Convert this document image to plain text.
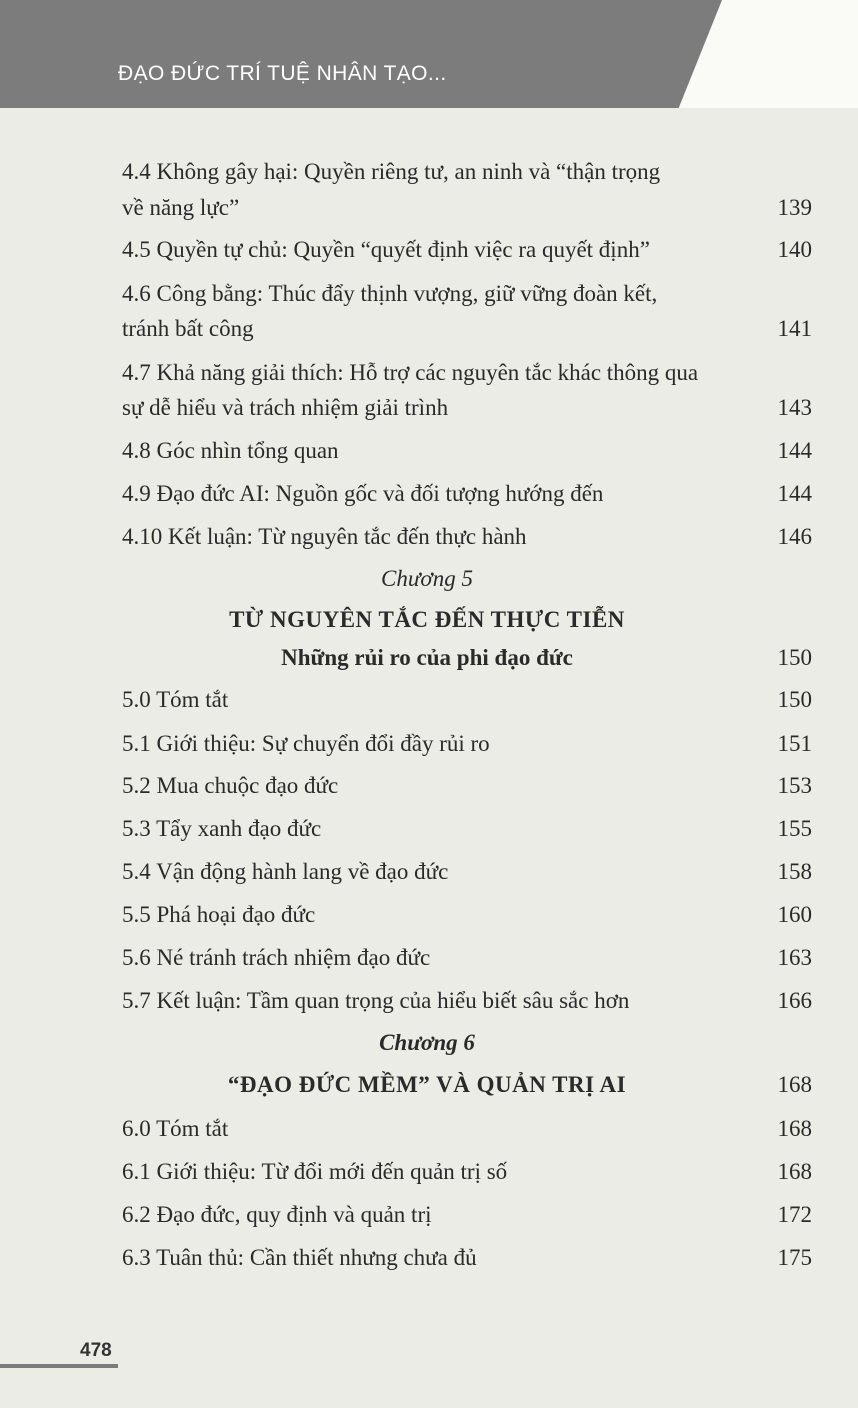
ĐẠO ĐỨC TRÍ TUỆ NHÂN TẠO...
4.4 Không gây hại: Quyền riêng tư, an ninh và “thận trọng
về năng lực”	139
4.5 Quyền tự chủ: Quyền “quyết định việc ra quyết định”	140
4.6 Công bằng: Thúc đẩy thịnh vượng, giữ vững đoàn kết,
tránh bất công	141
4.7 Khả năng giải thích: Hỗ trợ các nguyên tắc khác thông qua
sự dễ hiểu và trách nhiệm giải trình	143
4.8 Góc nhìn tổng quan	144
4.9 Đạo đức AI: Nguồn gốc và đối tượng hướng đến	144
4.10 Kết luận: Từ nguyên tắc đến thực hành	146
Chương 5
TỪ NGUYÊN TẮC ĐẾN THỰC TIỄN
Những rủi ro của phi đạo đức	150
5.0 Tóm tắt	150
5.1 Giới thiệu: Sự chuyển đổi đầy rủi ro	151
5.2 Mua chuộc đạo đức	153
5.3 Tẩy xanh đạo đức	155
5.4 Vận động hành lang về đạo đức	158
5.5 Phá hoại đạo đức	160
5.6 Né tránh trách nhiệm đạo đức	163
5.7 Kết luận: Tầm quan trọng của hiểu biết sâu sắc hơn	166
Chương 6
“ĐẠO ĐỨC MỀM” VÀ QUẢN TRỊ AI	168
6.0 Tóm tắt	168
6.1 Giới thiệu: Từ đổi mới đến quản trị số	168
6.2 Đạo đức, quy định và quản trị	172
6.3 Tuân thủ: Cần thiết nhưng chưa đủ	175
478
